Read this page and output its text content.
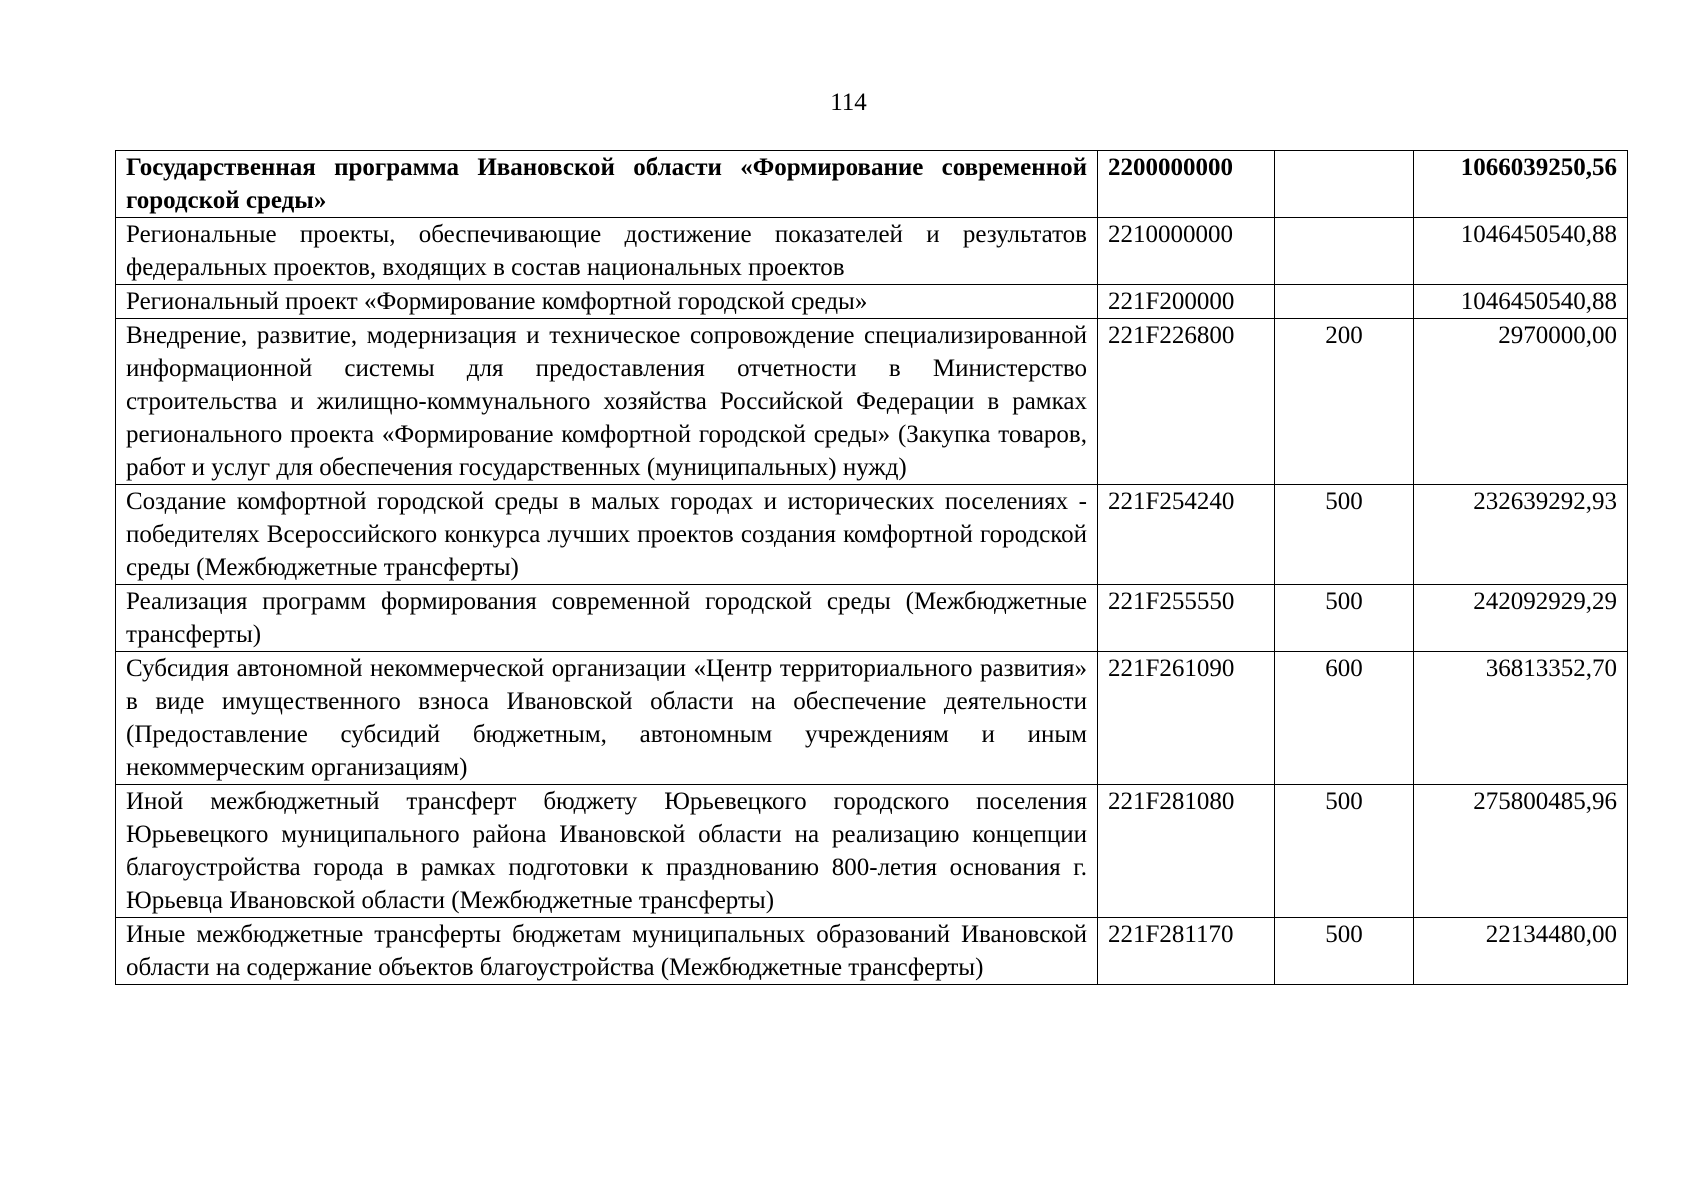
114
Государственная программа Ивановской области «Формирование современной городской среды»	2200000000		1066039250,56
Региональные проекты, обеспечивающие достижение показателей и результатов федеральных проектов, входящих в состав национальных проектов	2210000000		1046450540,88
Региональный проект «Формирование комфортной городской среды»	221F200000		1046450540,88
Внедрение, развитие, модернизация и техническое сопровождение специализированной информационной системы для предоставления отчетности в Министерство строительства и жилищно-коммунального хозяйства Российской Федерации в рамках регионального проекта «Формирование комфортной городской среды» (Закупка товаров, работ и услуг для обеспечения государственных (муниципальных) нужд)	221F226800	200	2970000,00
Создание комфортной городской среды в малых городах и исторических поселениях - победителях Всероссийского конкурса лучших проектов создания комфортной городской среды (Межбюджетные трансферты)	221F254240	500	232639292,93
Реализация программ формирования современной городской среды (Межбюджетные трансферты)	221F255550	500	242092929,29
Субсидия автономной некоммерческой организации «Центр территориального развития» в виде имущественного взноса Ивановской области на обеспечение деятельности (Предоставление субсидий бюджетным, автономным учреждениям и иным некоммерческим организациям)	221F261090	600	36813352,70
Иной межбюджетный трансферт бюджету Юрьевецкого городского поселения Юрьевецкого муниципального района Ивановской области на реализацию концепции благоустройства города в рамках подготовки к празднованию 800-летия основания г. Юрьевца Ивановской области (Межбюджетные трансферты)	221F281080	500	275800485,96
Иные межбюджетные трансферты бюджетам муниципальных образований Ивановской области на содержание объектов благоустройства (Межбюджетные трансферты)	221F281170	500	22134480,00
